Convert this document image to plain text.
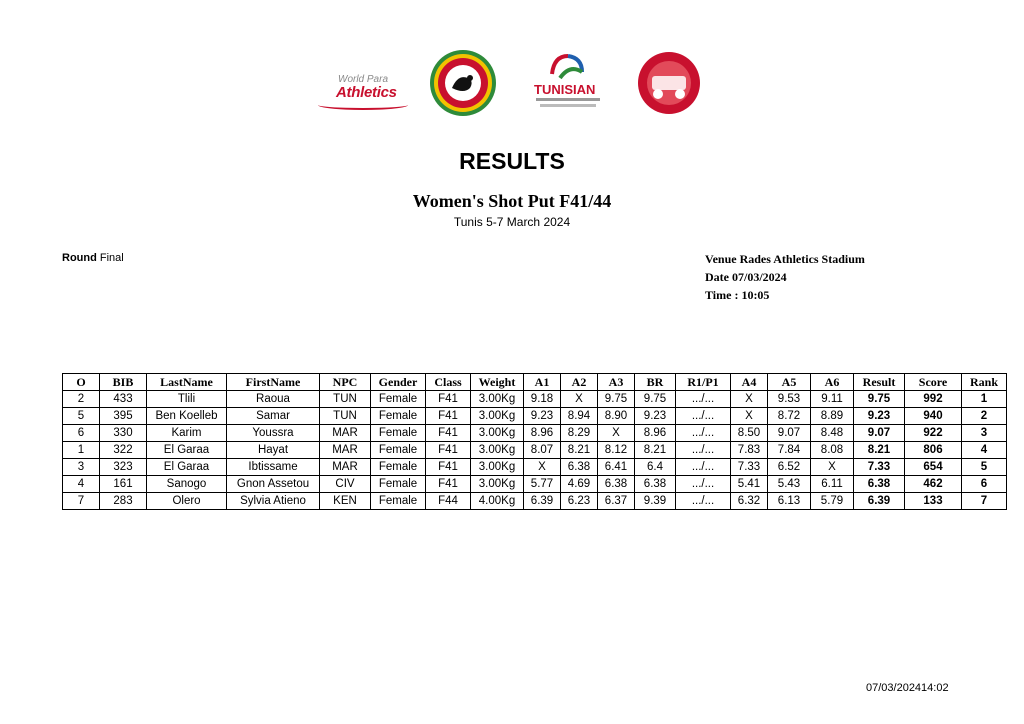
World Para
Athletics	TUNISIAN
RESULTS
Women's Shot Put F41/44
Tunis 5-7 March 2024
Round Final	Venue Rades Athletics Stadium
Date 07/03/2024
Time : 10:05
O	BIB	LastName	FirstName	NPC	Gender	Class	Weight	A1	A2	A3	BR	R1/P1	A4	A5	A6	Result	Score	Rank
2	433	Tlili	Raoua	TUN	Female	F41	3.00Kg	9.18	X	9.75	9.75	.../...	X	9.53	9.11	9.75	992	1
5	395	Ben Koelleb	Samar	TUN	Female	F41	3.00Kg	9.23	8.94	8.90	9.23	.../...	X	8.72	8.89	9.23	940	2
6	330	Karim	Youssra	MAR	Female	F41	3.00Kg	8.96	8.29	X	8.96	.../...	8.50	9.07	8.48	9.07	922	3
1	322	El Garaa	Hayat	MAR	Female	F41	3.00Kg	8.07	8.21	8.12	8.21	.../...	7.83	7.84	8.08	8.21	806	4
3	323	El Garaa	Ibtissame	MAR	Female	F41	3.00Kg	X	6.38	6.41	6.4	.../...	7.33	6.52	X	7.33	654	5
4	161	Sanogo	Gnon Assetou	CIV	Female	F41	3.00Kg	5.77	4.69	6.38	6.38	.../...	5.41	5.43	6.11	6.38	462	6
7	283	Olero	Sylvia Atieno	KEN	Female	F44	4.00Kg	6.39	6.23	6.37	9.39	.../...	6.32	6.13	5.79	6.39	133	7
07/03/202414:02
